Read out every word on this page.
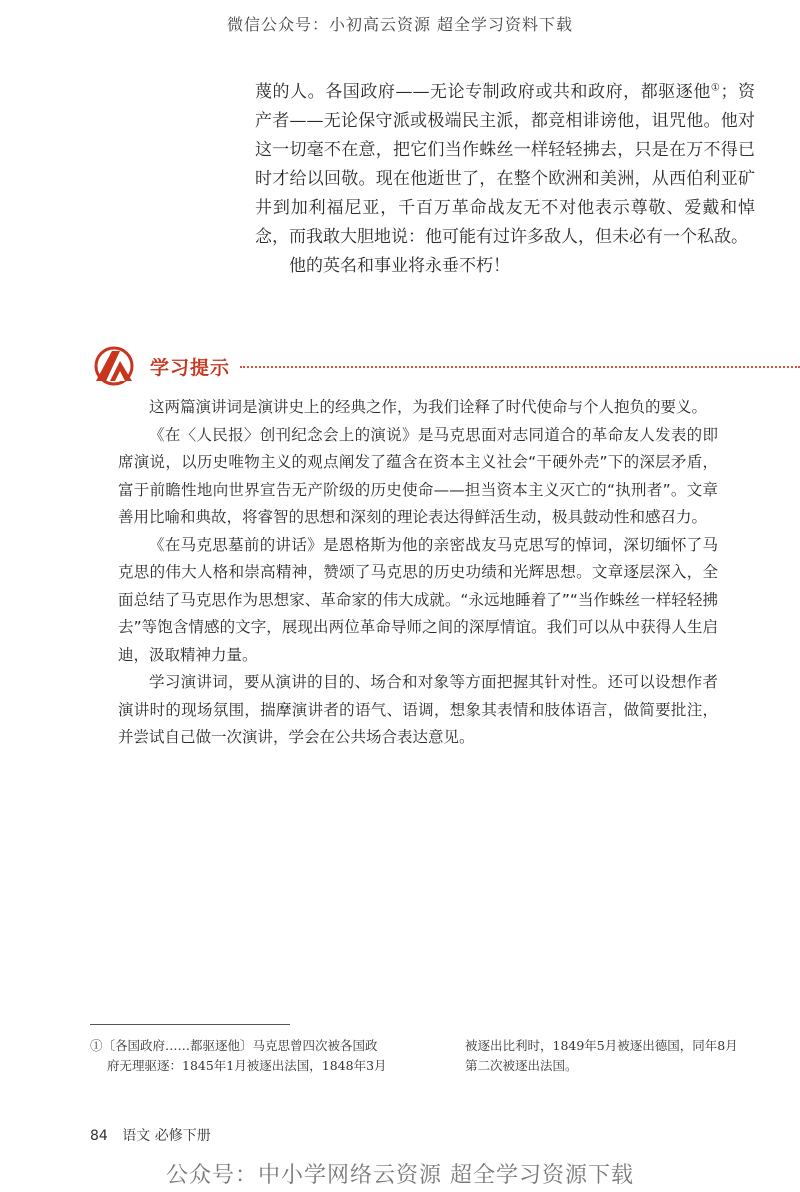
微信公众号：小初高云资源 超全学习资料下载

蔑的人。各国政府——无论专制政府或共和政府，都驱逐他①；资产者——无论保守派或极端民主派，都竞相诽谤他，诅咒他。他对这一切毫不在意，把它们当作蛛丝一样轻轻拂去，只是在万不得已时才给以回敬。现在他逝世了，在整个欧洲和美洲，从西伯利亚矿井到加利福尼亚，千百万革命战友无不对他表示尊敬、爱戴和悼念，而我敢大胆地说：他可能有过许多敌人，但未必有一个私敌。

他的英名和事业将永垂不朽！

学习提示

这两篇演讲词是演讲史上的经典之作，为我们诠释了时代使命与个人抱负的要义。

《在〈人民报〉创刊纪念会上的演说》是马克思面对志同道合的革命友人发表的即席演说，以历史唯物主义的观点阐发了蕴含在资本主义社会“干硬外壳”下的深层矛盾，富于前瞻性地向世界宣告无产阶级的历史使命——担当资本主义灭亡的“执刑者”。文章善用比喻和典故，将睿智的思想和深刻的理论表达得鲜活生动，极具鼓动性和感召力。

《在马克思墓前的讲话》是恩格斯为他的亲密战友马克思写的悼词，深切缅怀了马克思的伟大人格和崇高精神，赞颂了马克思的历史功绩和光辉思想。文章逐层深入，全面总结了马克思作为思想家、革命家的伟大成就。“永远地睡着了”“当作蛛丝一样轻轻拂去”等饱含情感的文字，展现出两位革命导师之间的深厚情谊。我们可以从中获得人生启迪，汲取精神力量。

学习演讲词，要从演讲的目的、场合和对象等方面把握其针对性。还可以设想作者演讲时的现场氛围，揣摩演讲者的语气、语调，想象其表情和肢体语言，做简要批注，并尝试自己做一次演讲，学会在公共场合表达意见。

①〔各国政府……都驱逐他〕马克思曾四次被各国政
府无理驱逐：1845年1月被逐出法国，1848年3月
被逐出比利时，1849年5月被逐出德国，同年8月
第二次被逐出法国。
84 语文 必修下册
公众号：中小学网络云资源 超全学习资源下载
